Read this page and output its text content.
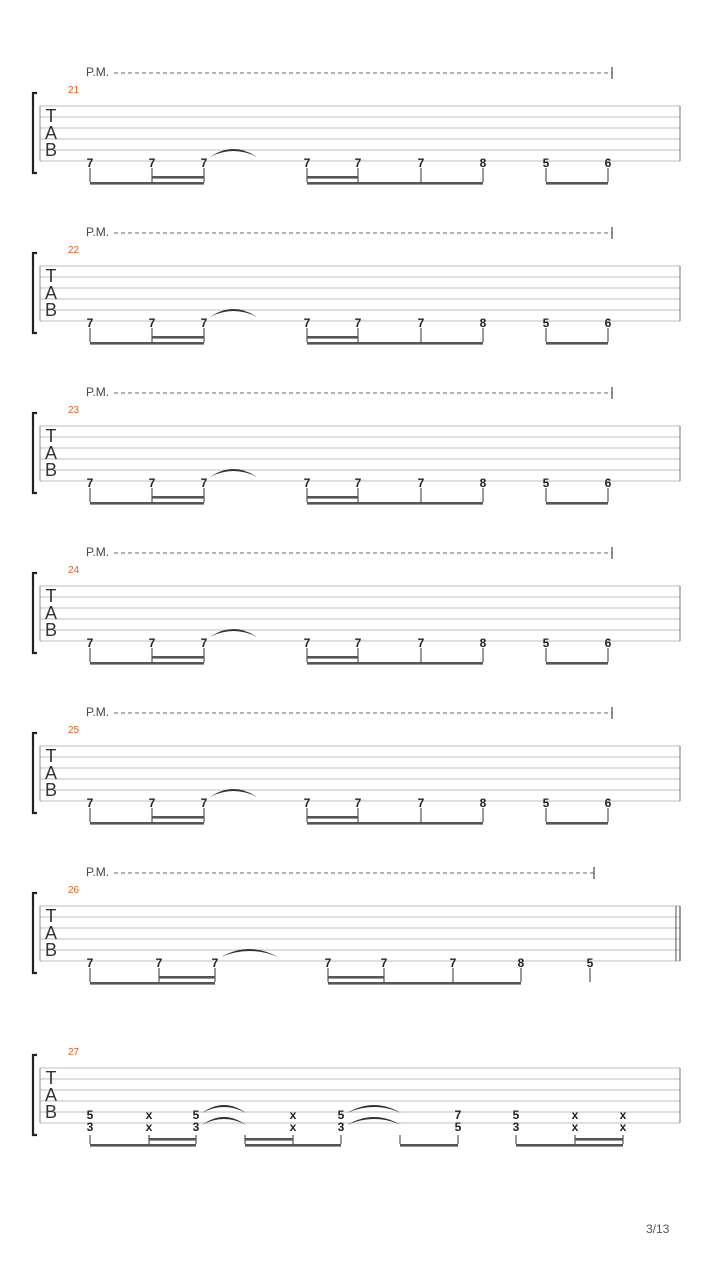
T
A
B
21
P.M.
7	7	7	7	7	7	8	5	6
T
A
B
22
P.M.
7	7	7	7	7	7	8	5	6
T
A
B
23
P.M.
7	7	7	7	7	7	8	5	6
T
A
B
24
P.M.
7	7	7	7	7	7	8	5	6
T
A
B
25
P.M.
7	7	7	7	7	7	8	5	6
T
A
B
26
P.M.
7	7	7	7	7	7	8	5
T
A
B
27
5
3
x
x
5
3
x
x
5
3
7
5
5
3
x
x
x
x
3/13
